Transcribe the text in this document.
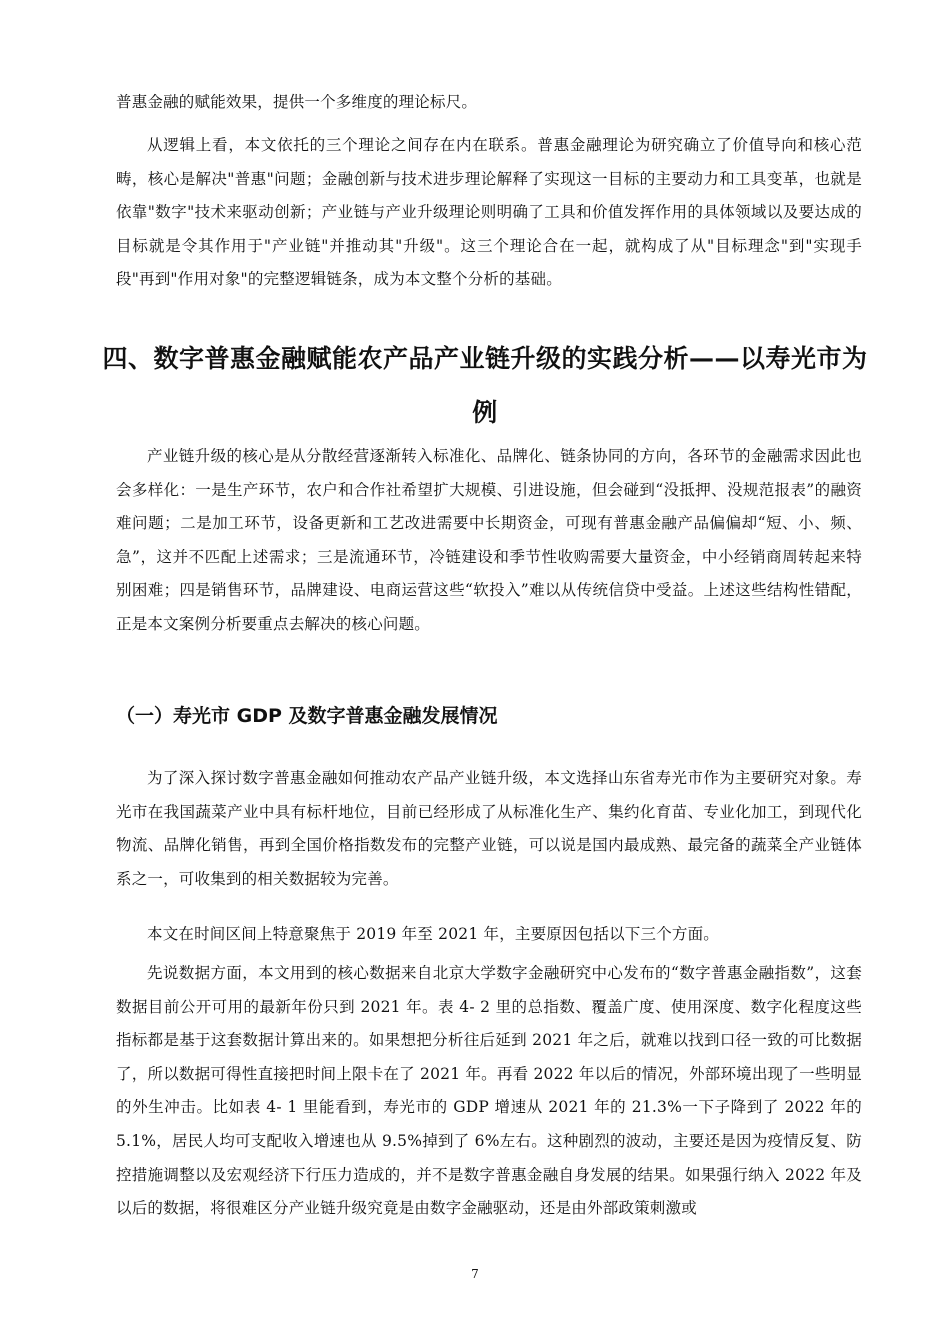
普惠金融的赋能效果，提供一个多维度的理论标尺。

从逻辑上看，本文依托的三个理论之间存在内在联系。普惠金融理论为研究确立了价值导向和核心范畴，核心是解决"普惠"问题；金融创新与技术进步理论解释了实现这一目标的主要动力和工具变革，也就是依靠"数字"技术来驱动创新；产业链与产业升级理论则明确了工具和价值发挥作用的具体领域以及要达成的目标就是令其作用于"产业链"并推动其"升级"。这三个理论合在一起，就构成了从"目标理念"到"实现手段"再到"作用对象"的完整逻辑链条，成为本文整个分析的基础。

四、数字普惠金融赋能农产品产业链升级的实践分析——以寿光市为例

产业链升级的核心是从分散经营逐渐转入标准化、品牌化、链条协同的方向，各环节的金融需求因此也会多样化：一是生产环节，农户和合作社希望扩大规模、引进设施，但会碰到“没抵押、没规范报表”的融资难问题；二是加工环节，设备更新和工艺改进需要中长期资金，可现有普惠金融产品偏偏却“短、小、频、急”，这并不匹配上述需求；三是流通环节，冷链建设和季节性收购需要大量资金，中小经销商周转起来特别困难；四是销售环节，品牌建设、电商运营这些“软投入”难以从传统信贷中受益。上述这些结构性错配，正是本文案例分析要重点去解决的核心问题。

（一）寿光市 GDP 及数字普惠金融发展情况

为了深入探讨数字普惠金融如何推动农产品产业链升级，本文选择山东省寿光市作为主要研究对象。寿光市在我国蔬菜产业中具有标杆地位，目前已经形成了从标准化生产、集约化育苗、专业化加工，到现代化物流、品牌化销售，再到全国价格指数发布的完整产业链，可以说是国内最成熟、最完备的蔬菜全产业链体系之一，可收集到的相关数据较为完善。

本文在时间区间上特意聚焦于 2019 年至 2021 年，主要原因包括以下三个方面。

先说数据方面，本文用到的核心数据来自北京大学数字金融研究中心发布的“数字普惠金融指数”，这套数据目前公开可用的最新年份只到 2021 年。表 4- 2 里的总指数、覆盖广度、使用深度、数字化程度这些指标都是基于这套数据计算出来的。如果想把分析往后延到 2021 年之后，就难以找到口径一致的可比数据了，所以数据可得性直接把时间上限卡在了 2021 年。再看 2022 年以后的情况，外部环境出现了一些明显的外生冲击。比如表 4- 1 里能看到，寿光市的 GDP 增速从 2021 年的 21.3%一下子降到了 2022 年的 5.1%，居民人均可支配收入增速也从 9.5%掉到了 6%左右。这种剧烈的波动，主要还是因为疫情反复、防控措施调整以及宏观经济下行压力造成的，并不是数字普惠金融自身发展的结果。如果强行纳入 2022 年及以后的数据，将很难区分产业链升级究竟是由数字金融驱动，还是由外部政策刺激或

7
